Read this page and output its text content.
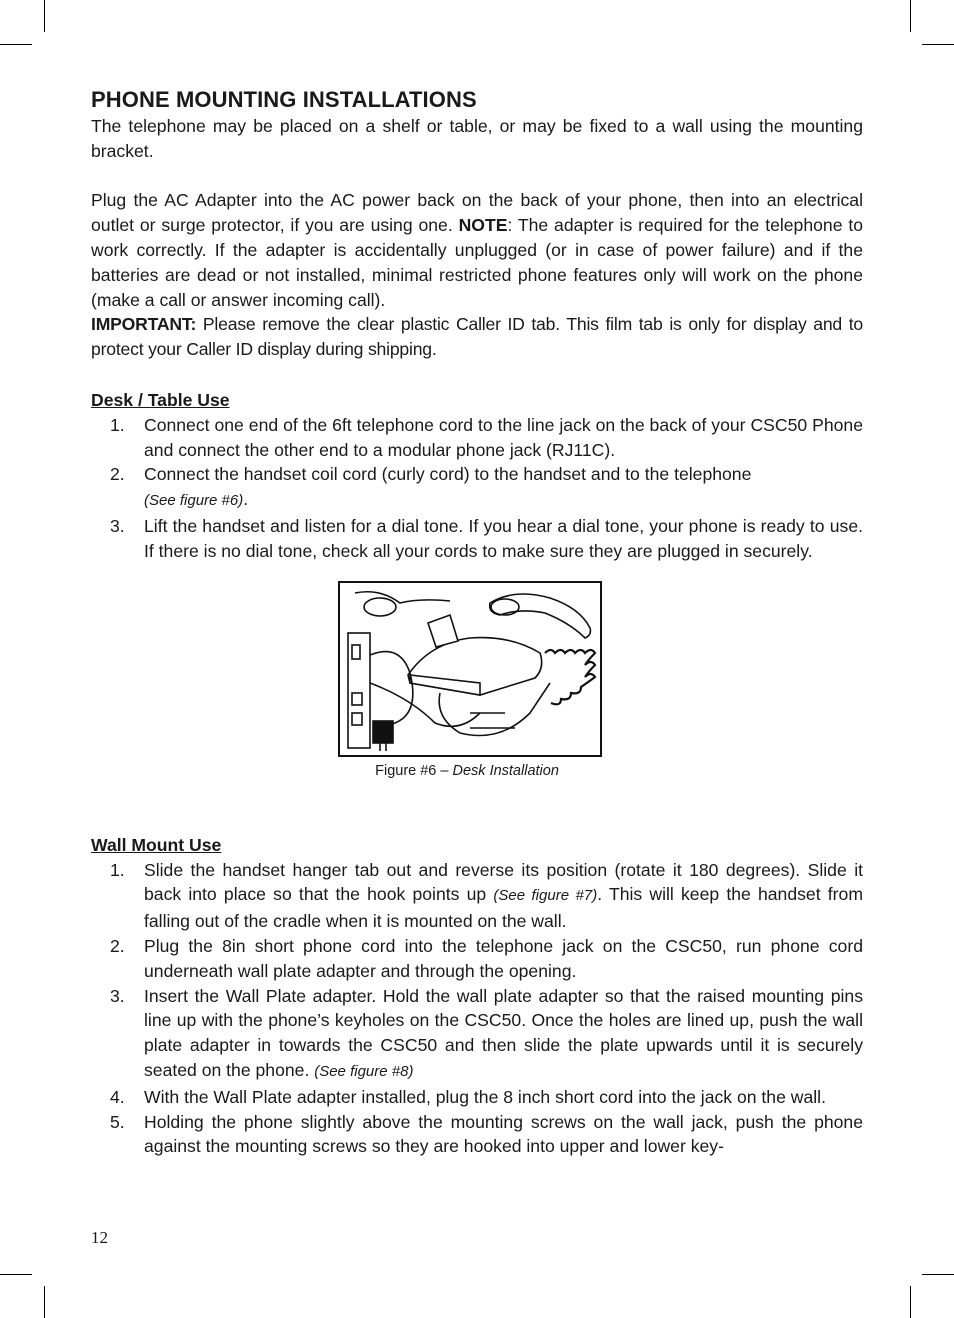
PHONE MOUNTING INSTALLATIONS

The telephone may be placed on a shelf or table, or may be fixed to a wall using the mounting bracket.

Plug the AC Adapter into the AC power back on the back of your phone, then into an electrical outlet or surge protector, if you are using one. NOTE: The adapter is required for the telephone to work correctly. If the adapter is accidentally unplugged (or in case of power failure) and if the batteries are dead or not installed, minimal restricted phone features only will work on the phone (make a call or answer incoming call).

IMPORTANT: Please remove the clear plastic Caller ID tab. This film tab is only for display and to protect your Caller ID display during shipping.

Desk / Table Use
1. Connect one end of the 6ft telephone cord to the line jack on the back of your CSC50 Phone and connect the other end to a modular phone jack (RJ11C).
2. Connect the handset coil cord (curly cord) to the handset and to the telephone
(See figure #6).
3. Lift the handset and listen for a dial tone. If you hear a dial tone, your phone is ready to use. If there is no dial tone, check all your cords to make sure they are plugged in securely.
Figure #6 – Desk Installation
Wall Mount Use
1. Slide the handset hanger tab out and reverse its position (rotate it 180 degrees). Slide it back into place so that the hook points up (See figure #7). This will keep the handset from falling out of the cradle when it is mounted on the wall.
2. Plug the 8in short phone cord into the telephone jack on the CSC50, run phone cord underneath wall plate adapter and through the opening.
3. Insert the Wall Plate adapter. Hold the wall plate adapter so that the raised mounting pins line up with the phone’s keyholes on the CSC50. Once the holes are lined up, push the wall plate adapter in towards the CSC50 and then slide the plate upwards until it is securely seated on the phone. (See figure #8)
4. With the Wall Plate adapter installed, plug the 8 inch short cord into the jack on the wall.
5. Holding the phone slightly above the mounting screws on the wall jack, push the phone against the mounting screws so they are hooked into upper and lower key-
12
